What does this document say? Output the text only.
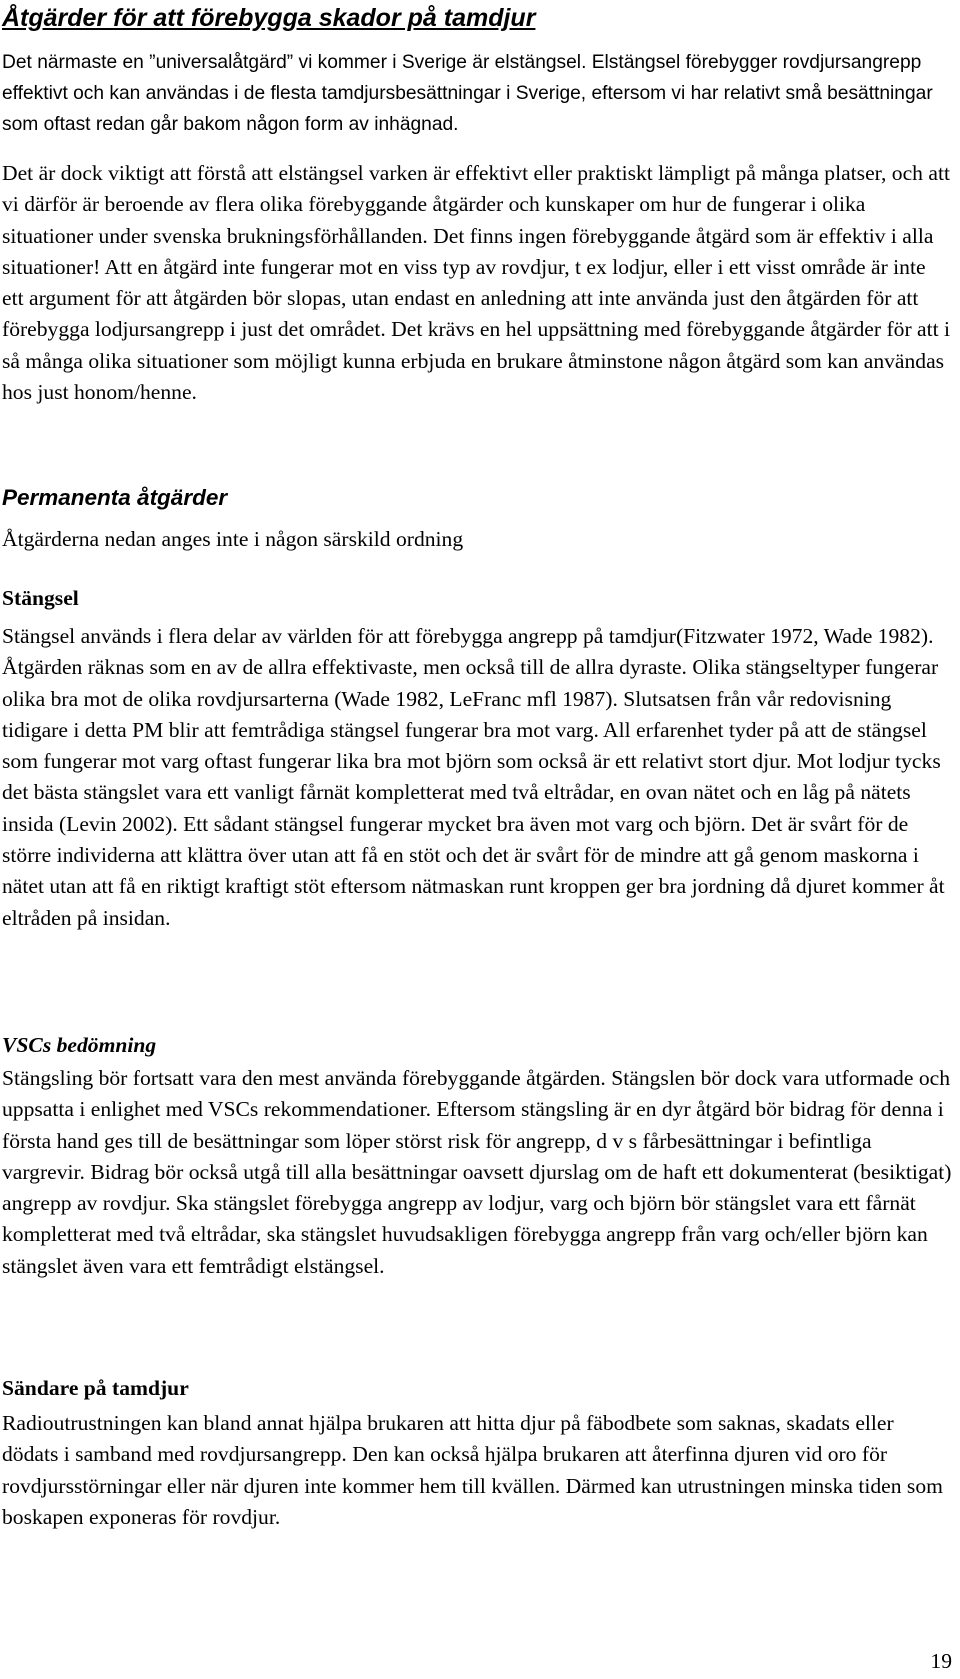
Åtgärder för att förebygga skador på tamdjur

Det närmaste en ”universalåtgärd” vi kommer i Sverige är elstängsel. Elstängsel förebygger rovdjursangrepp effektivt och kan användas i de flesta tamdjursbesättningar i Sverige, eftersom vi har relativt små besättningar som oftast redan går bakom någon form av inhägnad.

Det är dock viktigt att förstå att elstängsel varken är effektivt eller praktiskt lämpligt på många platser, och att vi därför är beroende av flera olika förebyggande åtgärder och kunskaper om hur de fungerar i olika situationer under svenska brukningsförhållanden. Det finns ingen förebyggande åtgärd som är effektiv i alla situationer! Att en åtgärd inte fungerar mot en viss typ av rovdjur, t ex lodjur, eller i ett visst område är inte ett argument för att åtgärden bör slopas, utan endast en anledning att inte använda just den åtgärden för att förebygga lodjursangrepp i just det området. Det krävs en hel uppsättning med förebyggande åtgärder för att i så många olika situationer som möjligt kunna erbjuda en brukare åtminstone någon åtgärd som kan användas hos just honom/henne.

Permanenta åtgärder

Åtgärderna nedan anges inte i någon särskild ordning

Stängsel

Stängsel används i flera delar av världen för att förebygga angrepp på tamdjur(Fitzwater 1972, Wade 1982). Åtgärden räknas som en av de allra effektivaste, men också till de allra dyraste. Olika stängseltyper fungerar olika bra mot de olika rovdjursarterna (Wade 1982, LeFranc mfl 1987). Slutsatsen från vår redovisning tidigare i detta PM blir att femtrådiga stängsel fungerar bra mot varg. All erfarenhet tyder på att de stängsel som fungerar mot varg oftast fungerar lika bra mot björn som också är ett relativt stort djur. Mot lodjur tycks det bästa stängslet vara ett vanligt fårnät kompletterat med två eltrådar, en ovan nätet och en låg på nätets insida (Levin 2002). Ett sådant stängsel fungerar mycket bra även mot varg och björn. Det är svårt för de större individerna att klättra över utan att få en stöt och det är svårt för de mindre att gå genom maskorna i nätet utan att få en riktigt kraftigt stöt eftersom nätmaskan runt kroppen ger bra jordning då djuret kommer åt eltråden på insidan.

VSCs bedömning

Stängsling bör fortsatt vara den mest använda förebyggande åtgärden. Stängslen bör dock vara utformade och uppsatta i enlighet med VSCs rekommendationer. Eftersom stängsling är en dyr åtgärd bör bidrag för denna i första hand ges till de besättningar som löper störst risk för angrepp, d v s fårbesättningar i befintliga vargrevir. Bidrag bör också utgå till alla besättningar oavsett djurslag om de haft ett dokumenterat (besiktigat) angrepp av rovdjur. Ska stängslet förebygga angrepp av lodjur, varg och björn bör stängslet vara ett fårnät kompletterat med två eltrådar, ska stängslet huvudsakligen förebygga angrepp från varg och/eller björn kan stängslet även vara ett femtrådigt elstängsel.

Sändare på tamdjur

Radioutrustningen kan bland annat hjälpa brukaren att hitta djur på fäbodbete som saknas, skadats eller dödats i samband med rovdjursangrepp. Den kan också hjälpa brukaren att återfinna djuren vid oro för rovdjursstörningar eller när djuren inte kommer hem till kvällen. Därmed kan utrustningen minska tiden som boskapen exponeras för rovdjur.

19
